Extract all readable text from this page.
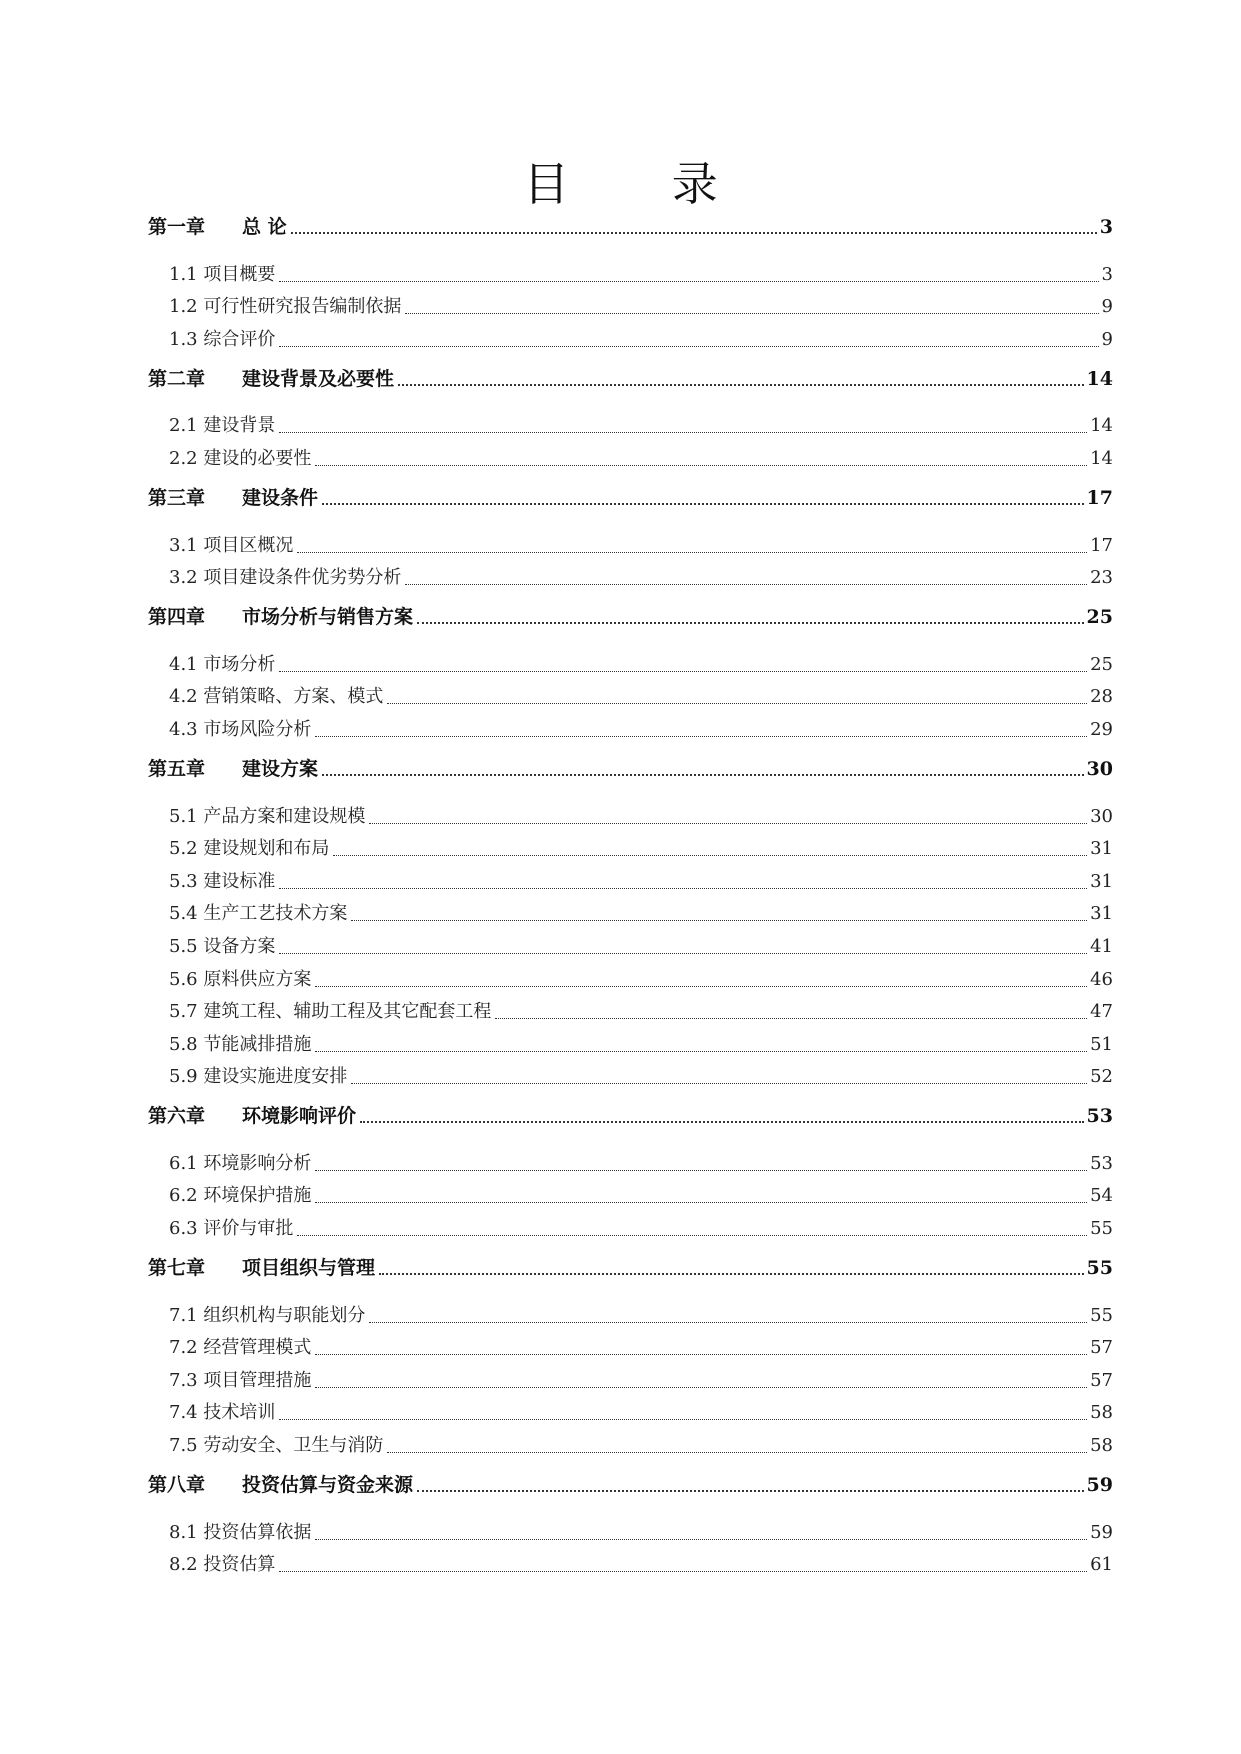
目 录
第一章 总 论	3
1.1 项目概要	3
1.2 可行性研究报告编制依据	9
1.3 综合评价	9
第二章 建设背景及必要性	14
2.1 建设背景	14
2.2 建设的必要性	14
第三章 建设条件	17
3.1 项目区概况	17
3.2 项目建设条件优劣势分析	23
第四章 市场分析与销售方案	25
4.1 市场分析	25
4.2 营销策略、方案、模式	28
4.3 市场风险分析	29
第五章 建设方案	30
5.1 产品方案和建设规模	30
5.2 建设规划和布局	31
5.3 建设标准	31
5.4 生产工艺技术方案	31
5.5 设备方案	41
5.6 原料供应方案	46
5.7 建筑工程、辅助工程及其它配套工程	47
5.8 节能减排措施	51
5.9 建设实施进度安排	52
第六章 环境影响评价	53
6.1 环境影响分析	53
6.2 环境保护措施	54
6.3 评价与审批	55
第七章 项目组织与管理	55
7.1 组织机构与职能划分	55
7.2 经营管理模式	57
7.3 项目管理措施	57
7.4 技术培训	58
7.5 劳动安全、卫生与消防	58
第八章 投资估算与资金来源	59
8.1 投资估算依据	59
8.2 投资估算	61
